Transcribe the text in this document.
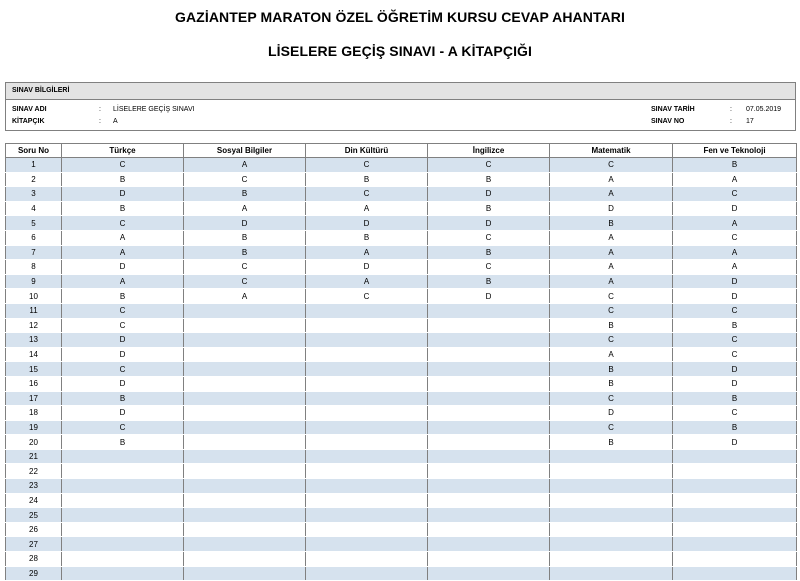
GAZİANTEP MARATON ÖZEL ÖĞRETİM KURSU CEVAP AHANTARI
LİSELERE GEÇİŞ SINAVI - A KİTAPÇIĞI
SINAV BİLGİLERİ
SINAV ADI	: LİSELERE GEÇİŞ SINAVI
KİTAPÇIK	: A
SINAV TARİH	: 07.05.2019
SINAV NO	: 17
Soru No	Türkçe	Sosyal Bilgiler	Din Kültürü	İngilizce	Matematik	Fen ve Teknoloji
1	C	A	C	C	C	B
2	B	C	B	B	A	A
3	D	B	C	D	A	C
4	B	A	A	B	D	D
5	C	D	D	D	B	A
6	A	B	B	C	A	C
7	A	B	A	B	A	A
8	D	C	D	C	A	A
9	A	C	A	B	A	D
10	B	A	C	D	C	D
11	C				C	C
12	C				B	B
13	D				C	C
14	D				A	C
15	C				B	D
16	D				B	D
17	B				C	B
18	D				D	C
19	C				C	B
20	B				B	D
21						
22						
23						
24						
25						
26						
27						
28						
29						
